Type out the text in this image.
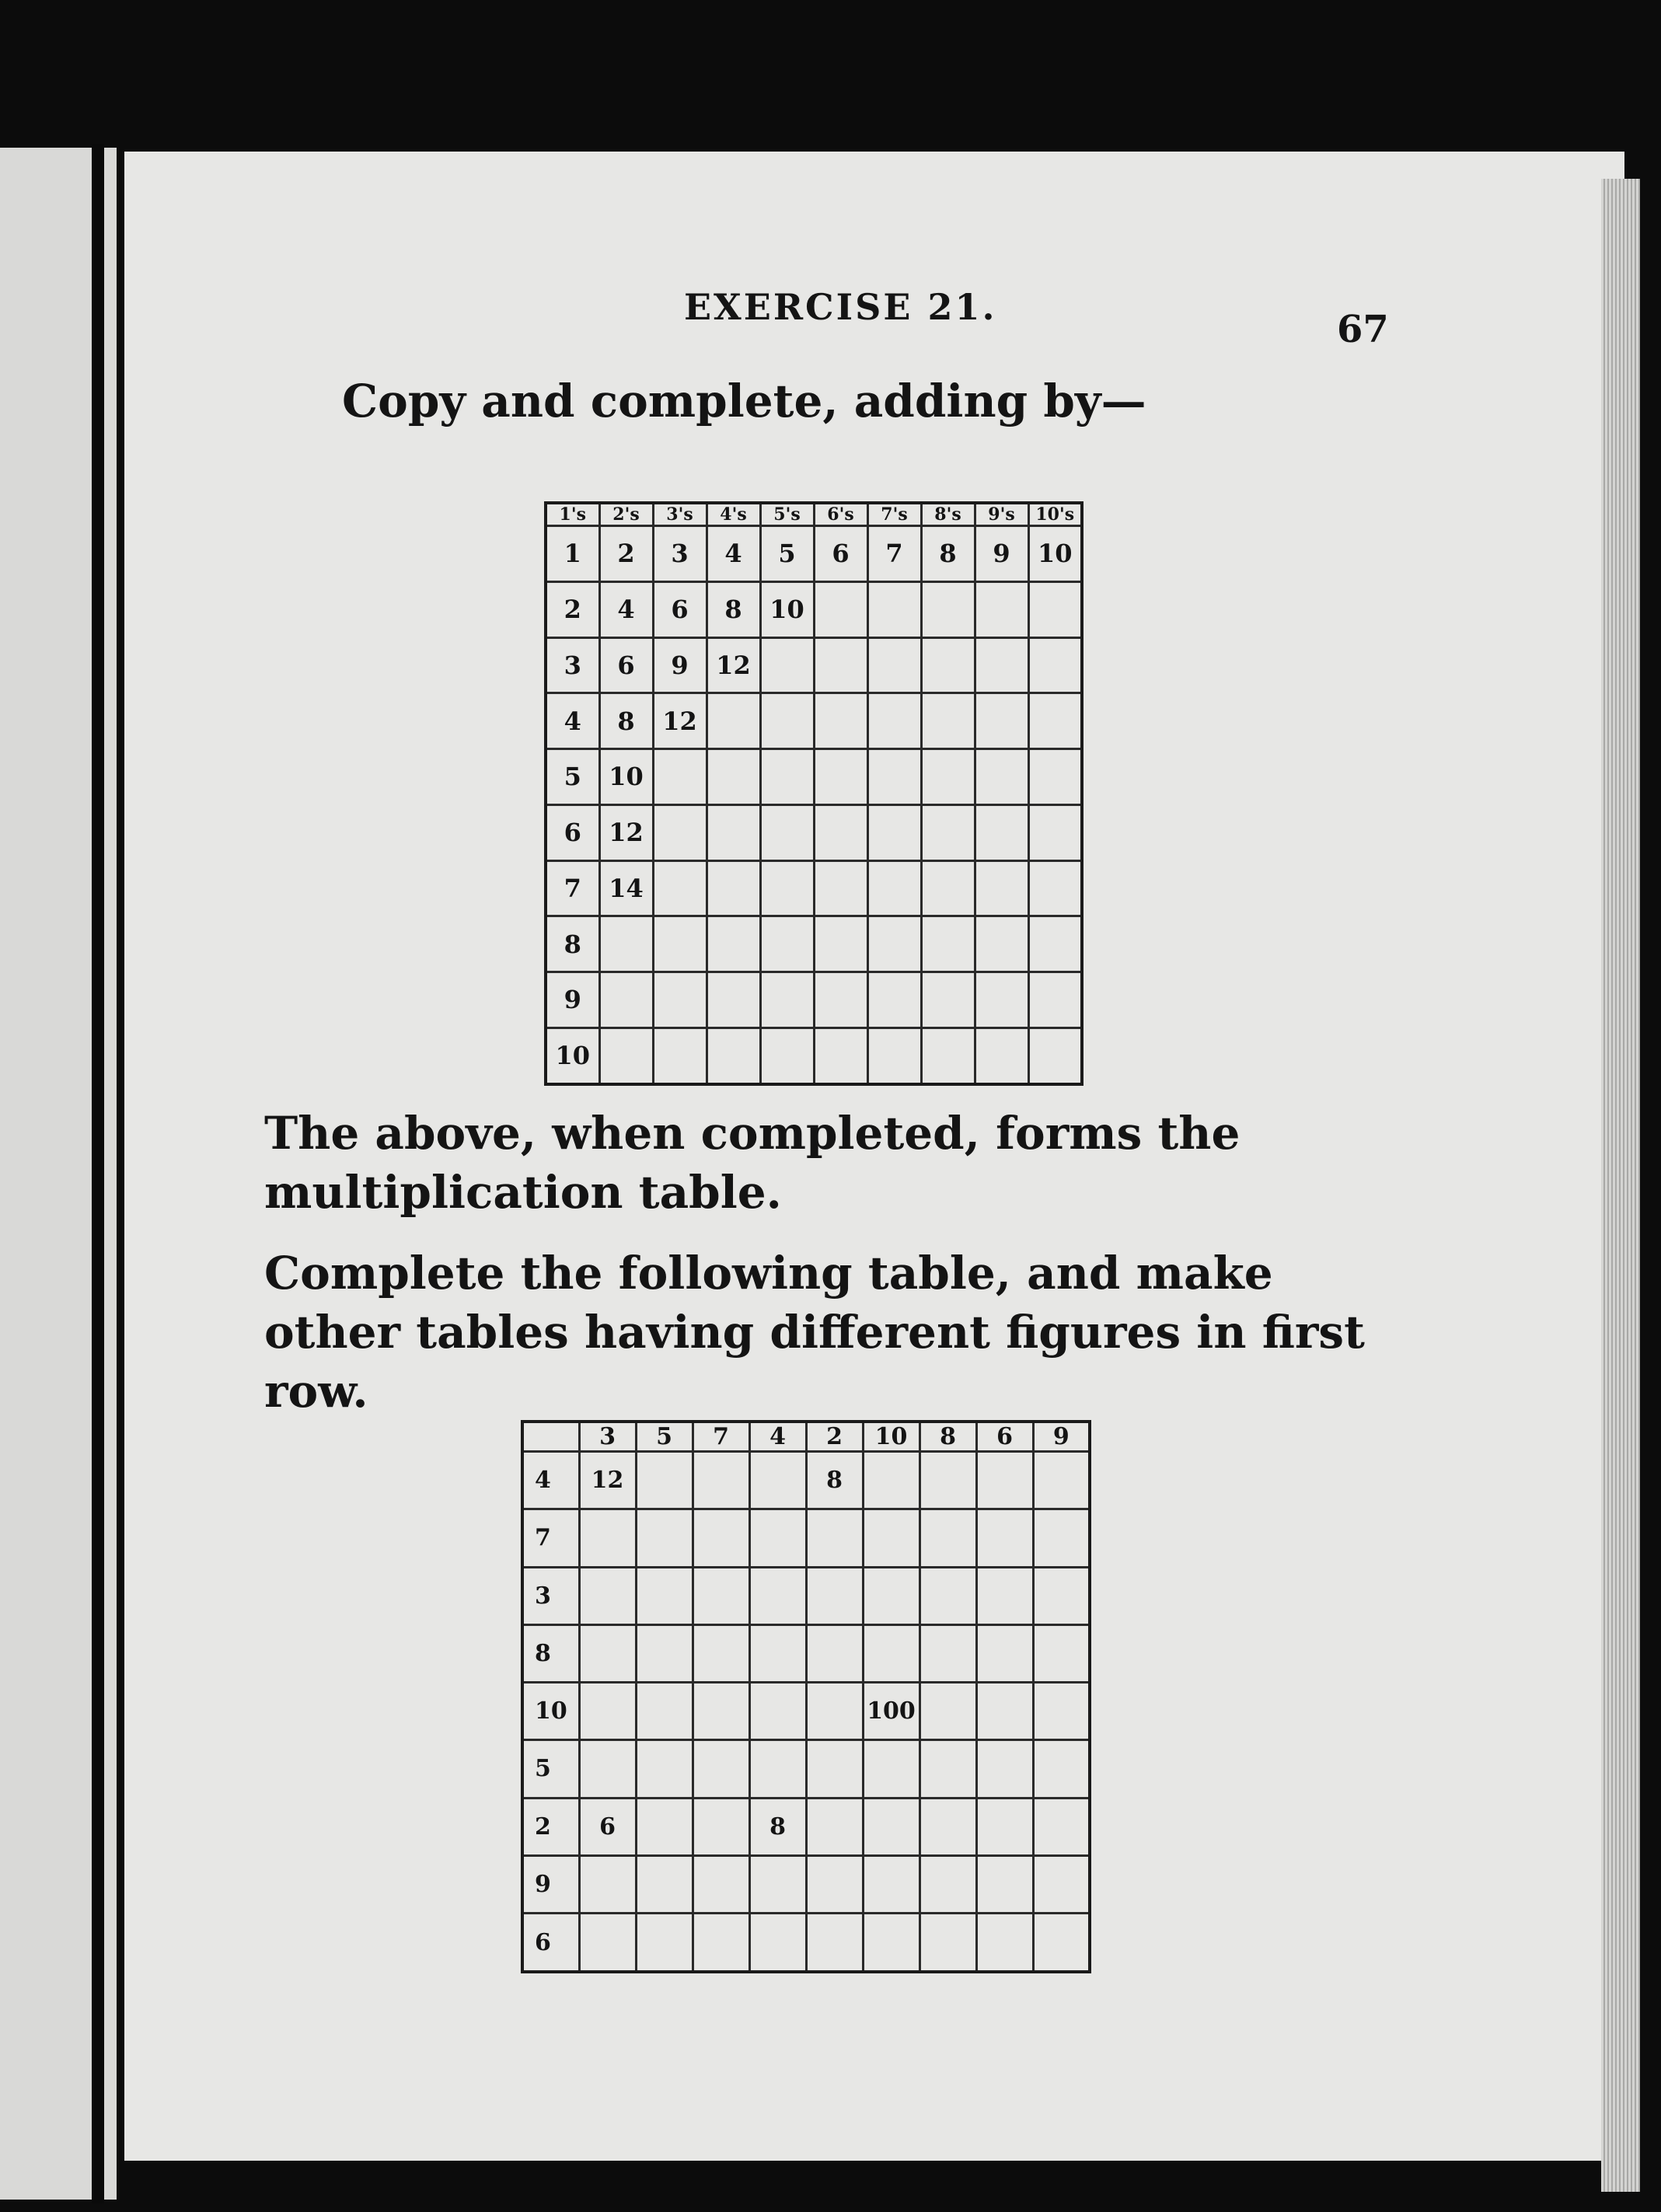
EXERCISE 21.

67

Copy and complete, adding by—

1's	2's	3's	4's	5's	6's	7's	8's	9's	10's
1	2	3	4	5	6	7	8	9	10
2	4	6	8	10					
3	6	9	12						
4	8	12							
5	10								
6	12								
7	14								
8									
9									
10									

The above, when completed, forms the multiplication table.

Complete the following table, and make other tables having different figures in first row.

	3	5	7	4	2	10	8	6	9
4	12				8				
7									
3									
8									
10						100			
5									
2	6			8					
9									
6									
